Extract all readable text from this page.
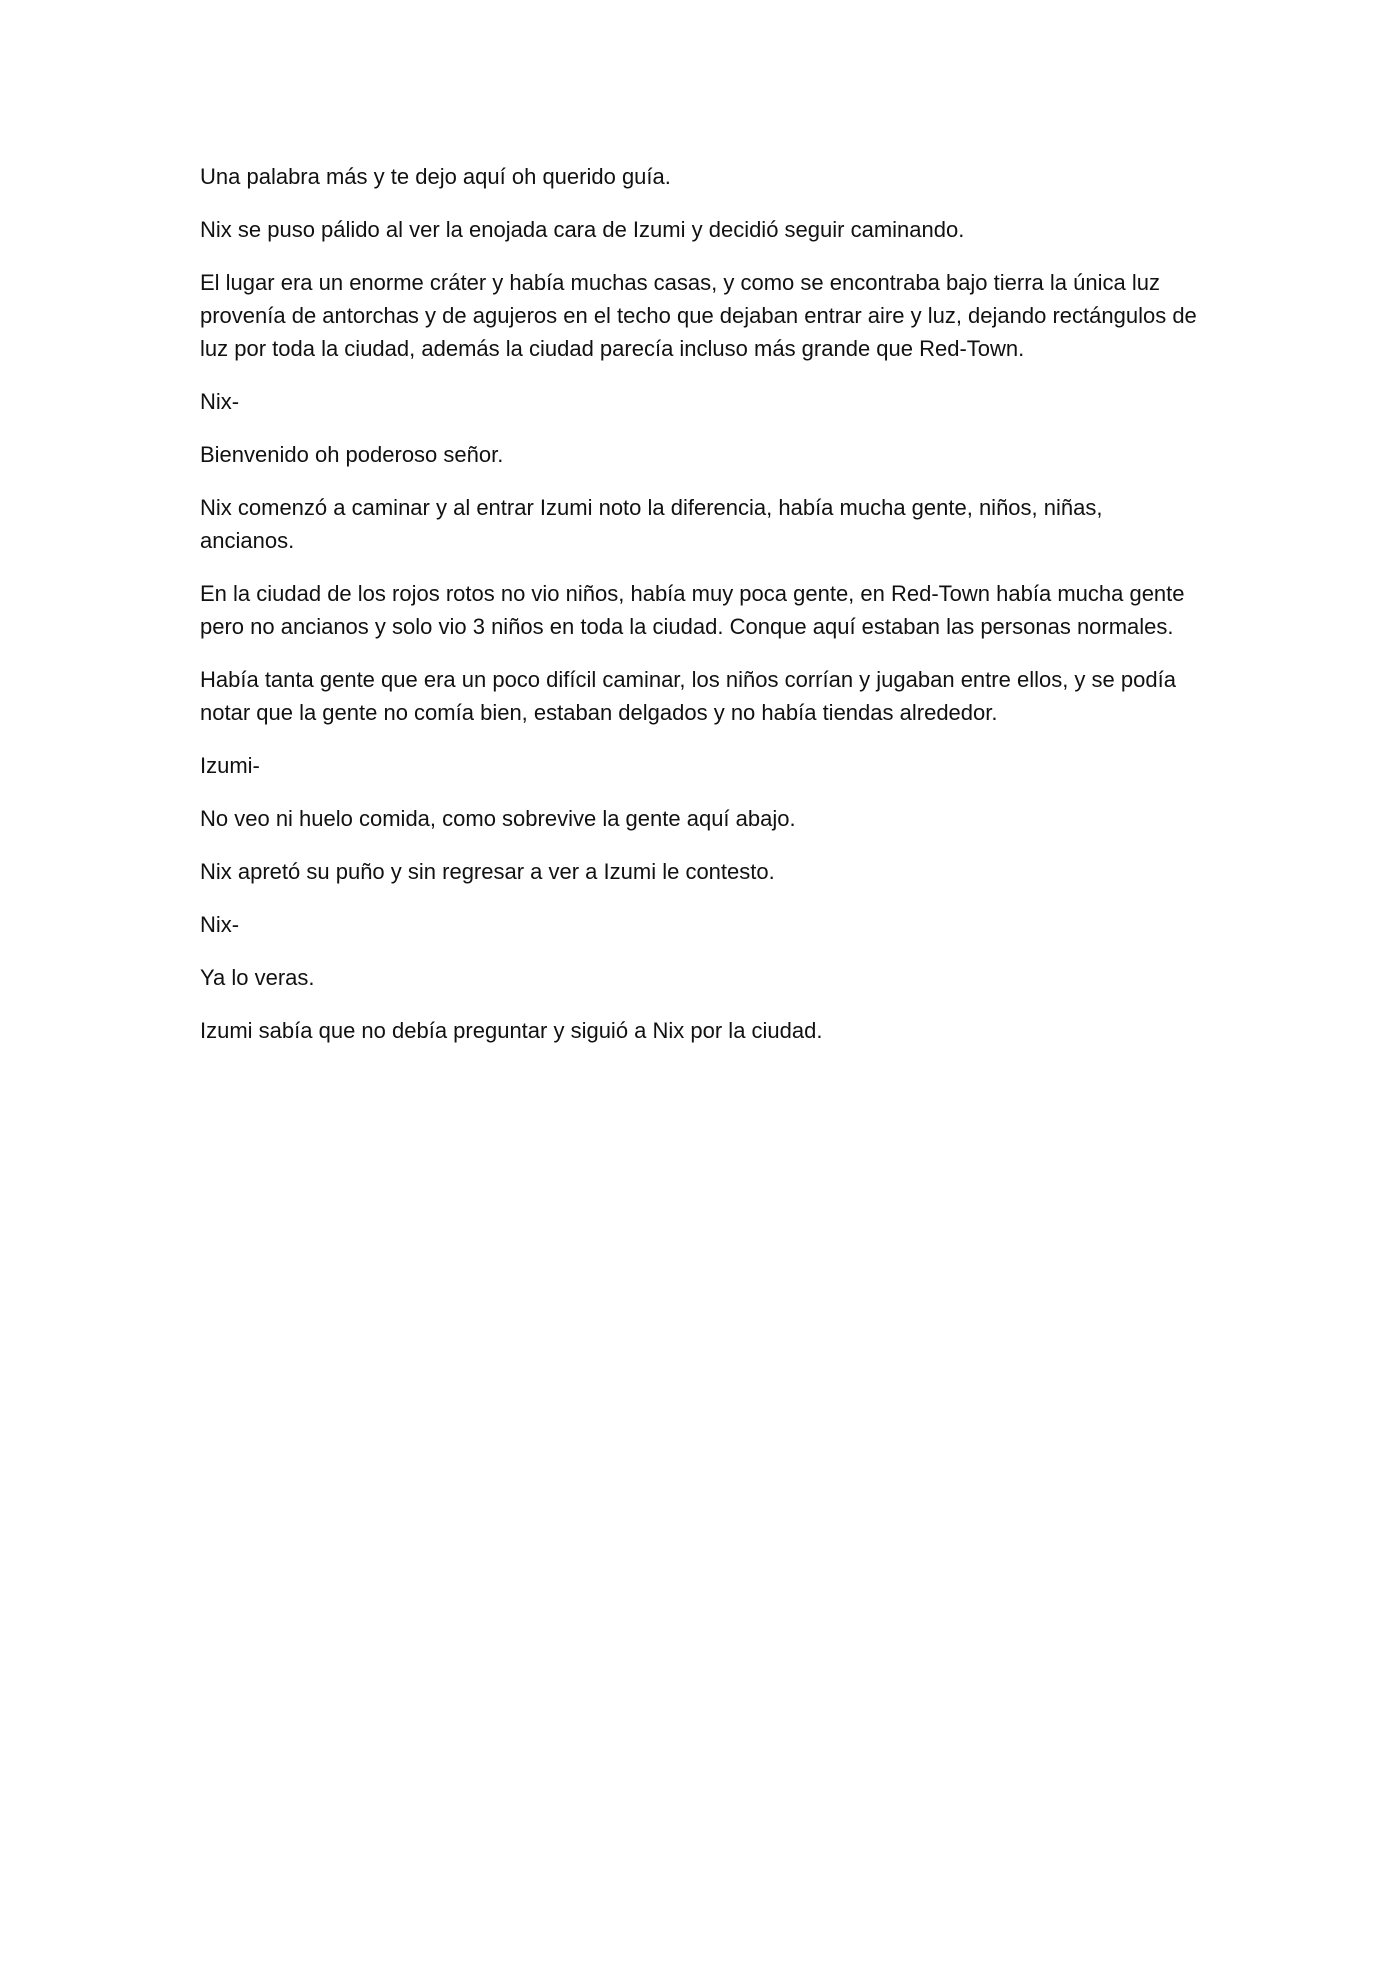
Una palabra más y te dejo aquí oh querido guía.

Nix se puso pálido al ver la enojada cara de Izumi y decidió seguir caminando.

El lugar era un enorme cráter y había muchas casas, y como se encontraba bajo tierra la única luz provenía de antorchas y de agujeros en el techo que dejaban entrar aire y luz, dejando rectángulos de luz por toda la ciudad, además la ciudad parecía incluso más grande que Red-Town.

Nix-

Bienvenido oh poderoso señor.

Nix comenzó a caminar y al entrar Izumi noto la diferencia, había mucha gente, niños, niñas, ancianos.

En la ciudad de los rojos rotos no vio niños, había muy poca gente, en Red-Town había mucha gente pero no ancianos y solo vio 3 niños en toda la ciudad. Conque aquí estaban las personas normales.

Había tanta gente que era un poco difícil caminar, los niños corrían y jugaban entre ellos, y se podía notar que la gente no comía bien, estaban delgados y no había tiendas alrededor.

Izumi-

No veo ni huelo comida, como sobrevive la gente aquí abajo.

Nix apretó su puño y sin regresar a ver a Izumi le contesto.

Nix-

Ya lo veras.

Izumi sabía que no debía preguntar y siguió a Nix por la ciudad.
